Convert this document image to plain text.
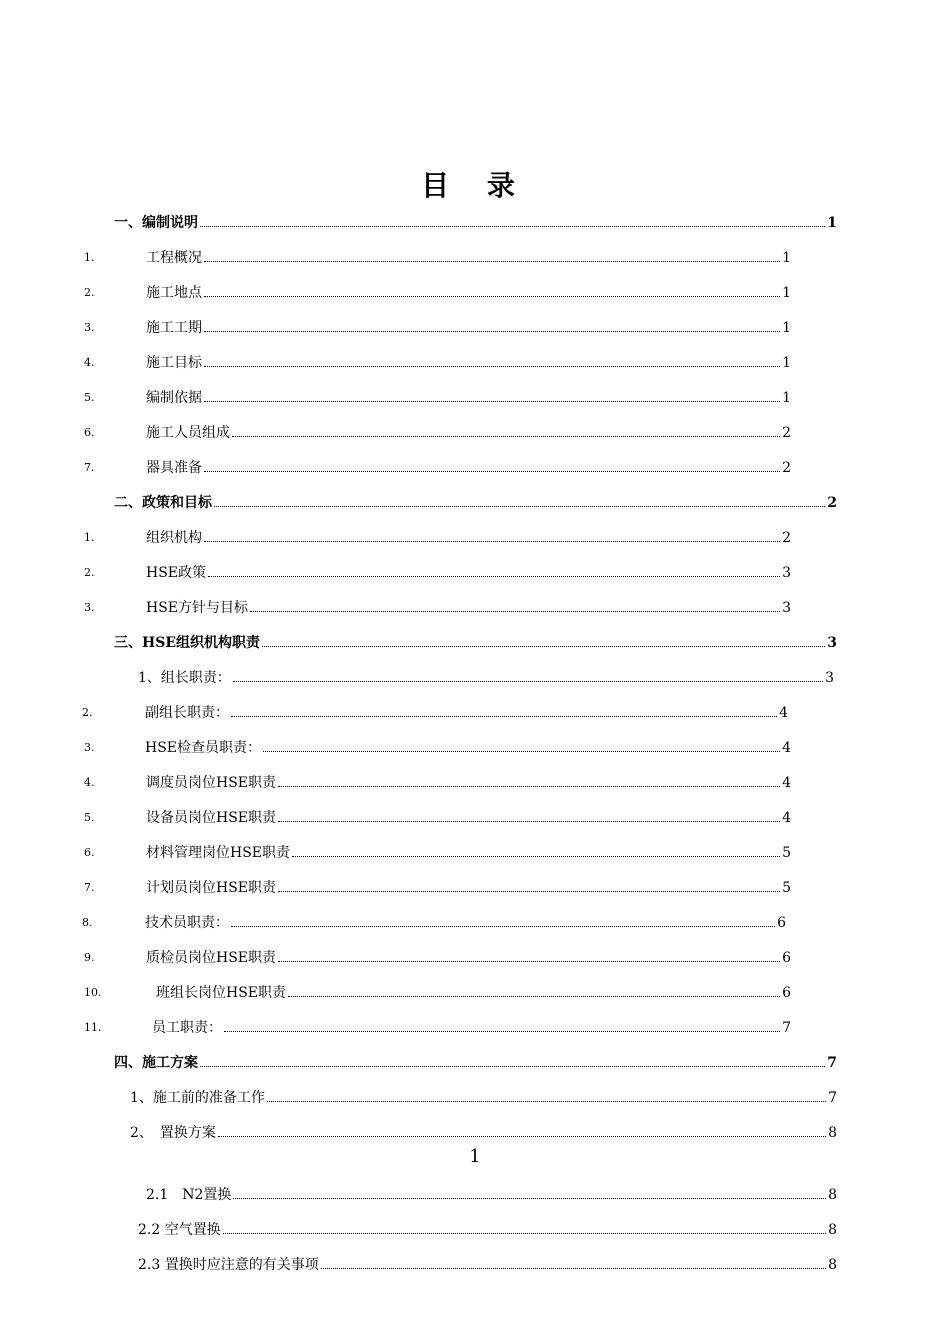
目 录
一、编制说明	1
1.	工程概况	1
2.	施工地点	1
3.	施工工期	1
4.	施工目标	1
5.	编制依据	1
6.	施工人员组成	2
7.	器具准备	2
二、政策和目标	2
1.	组织机构	2
2.	HSE政策	3
3.	HSE方针与目标	3
三、HSE组织机构职责	3
1、组长职责：	3
2.	副组长职责：	4
3.	HSE检查员职责：	4
4.	调度员岗位HSE职责	4
5.	设备员岗位HSE职责	4
6.	材料管理岗位HSE职责	5
7.	计划员岗位HSE职责	5
8.	技术员职责：	6
9.	质检员岗位HSE职责	6
10.	班组长岗位HSE职责	6
11.	员工职责：	7
四、施工方案	7
1、施工前的准备工作	7
2、　置换方案	8
1
2.1　N2置换	8
2.2 空气置换	8
2.3 置换时应注意的有关事项	8
